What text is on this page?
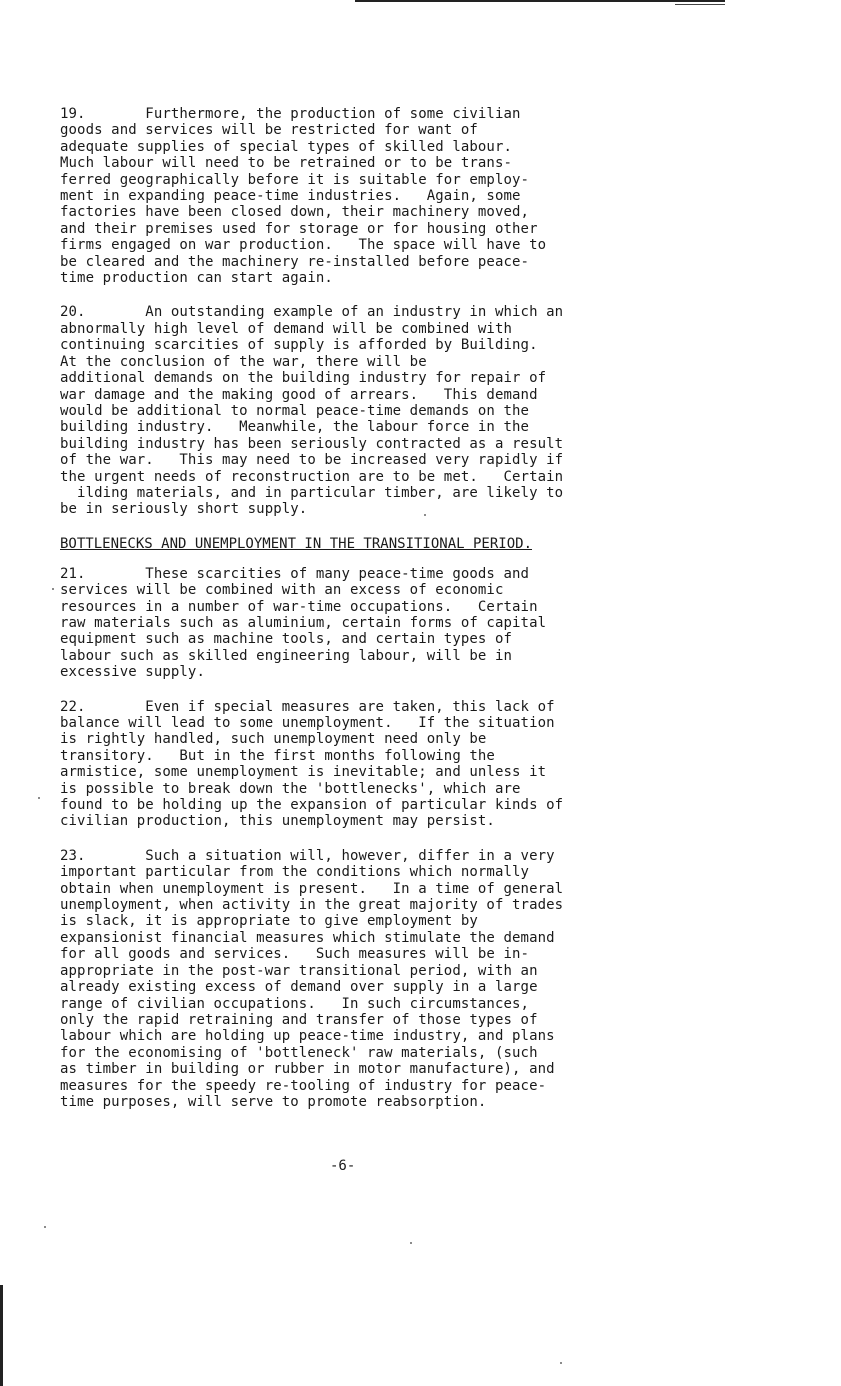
19.       Furthermore, the production of some civilian
goods and services will be restricted for want of
adequate supplies of special types of skilled labour.
Much labour will need to be retrained or to be trans-
ferred geographically before it is suitable for employ-
ment in expanding peace-time industries.   Again, some
factories have been closed down, their machinery moved,
and their premises used for storage or for housing other
firms engaged on war production.   The space will have to
be cleared and the machinery re-installed before peace-
time production can start again.
20.       An outstanding example of an industry in which an
abnormally high level of demand will be combined with
continuing scarcities of supply is afforded by Building.
At the conclusion of the war, there will be
additional demands on the building industry for repair of
war damage and the making good of arrears.   This demand
would be additional to normal peace-time demands on the
building industry.   Meanwhile, the labour force in the
building industry has been seriously contracted as a result
of the war.   This may need to be increased very rapidly if
the urgent needs of reconstruction are to be met.   Certain
ilding materials, and in particular timber, are likely to
be in seriously short supply.
BOTTLENECKS AND UNEMPLOYMENT IN THE TRANSITIONAL PERIOD.
21.       These scarcities of many peace-time goods and
services will be combined with an excess of economic
resources in a number of war-time occupations.   Certain
raw materials such as aluminium, certain forms of capital
equipment such as machine tools, and certain types of
labour such as skilled engineering labour, will be in
excessive supply.
22.       Even if special measures are taken, this lack of
balance will lead to some unemployment.   If the situation
is rightly handled, such unemployment need only be
transitory.   But in the first months following the
armistice, some unemployment is inevitable; and unless it
is possible to break down the 'bottlenecks', which are
found to be holding up the expansion of particular kinds of
civilian production, this unemployment may persist.
23.       Such a situation will, however, differ in a very
important particular from the conditions which normally
obtain when unemployment is present.   In a time of general
unemployment, when activity in the great majority of trades
is slack, it is appropriate to give employment by
expansionist financial measures which stimulate the demand
for all goods and services.   Such measures will be in-
appropriate in the post-war transitional period, with an
already existing excess of demand over supply in a large
range of civilian occupations.   In such circumstances,
only the rapid retraining and transfer of those types of
labour which are holding up peace-time industry, and plans
for the economising of 'bottleneck' raw materials, (such
as timber in building or rubber in motor manufacture), and
measures for the speedy re-tooling of industry for peace-
time purposes, will serve to promote reabsorption.
-6-
